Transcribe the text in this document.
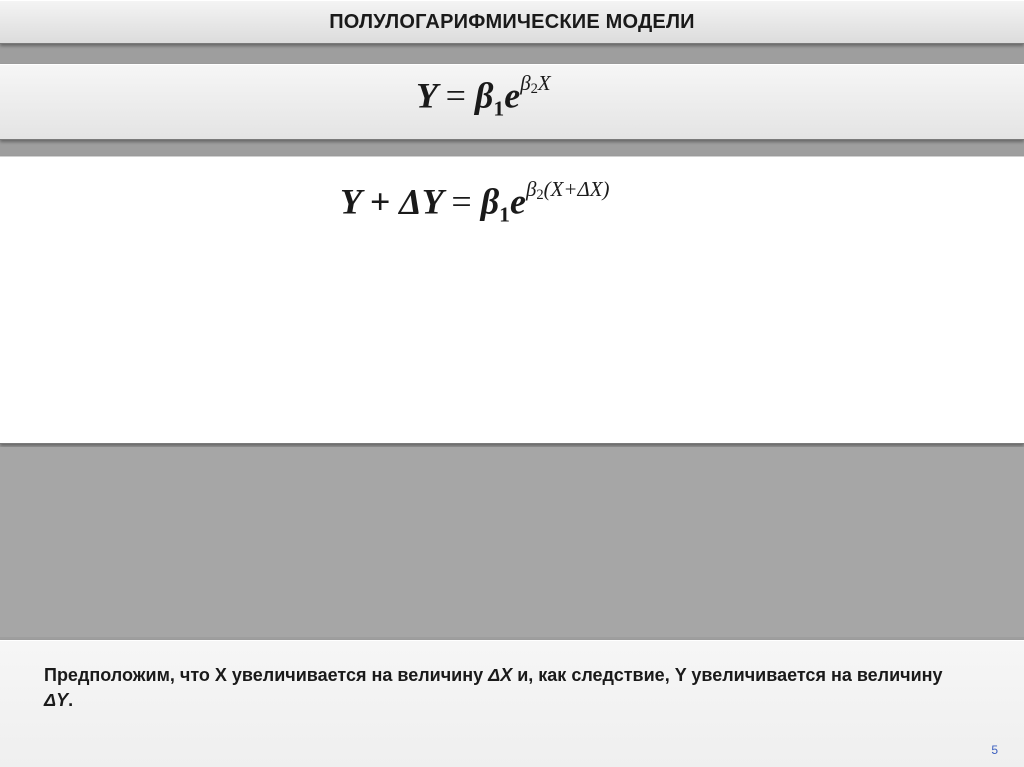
ПОЛУЛОГАРИФМИЧЕСКИЕ МОДЕЛИ
$Y = \beta_1e^{\beta_2X}$
$Y + \Delta Y = \beta_1e^{\beta_2(X+\Delta X)}$
Предположим, что X увеличивается на величину ΔX и, как следствие, Y увеличивается на величину ΔY.
5
